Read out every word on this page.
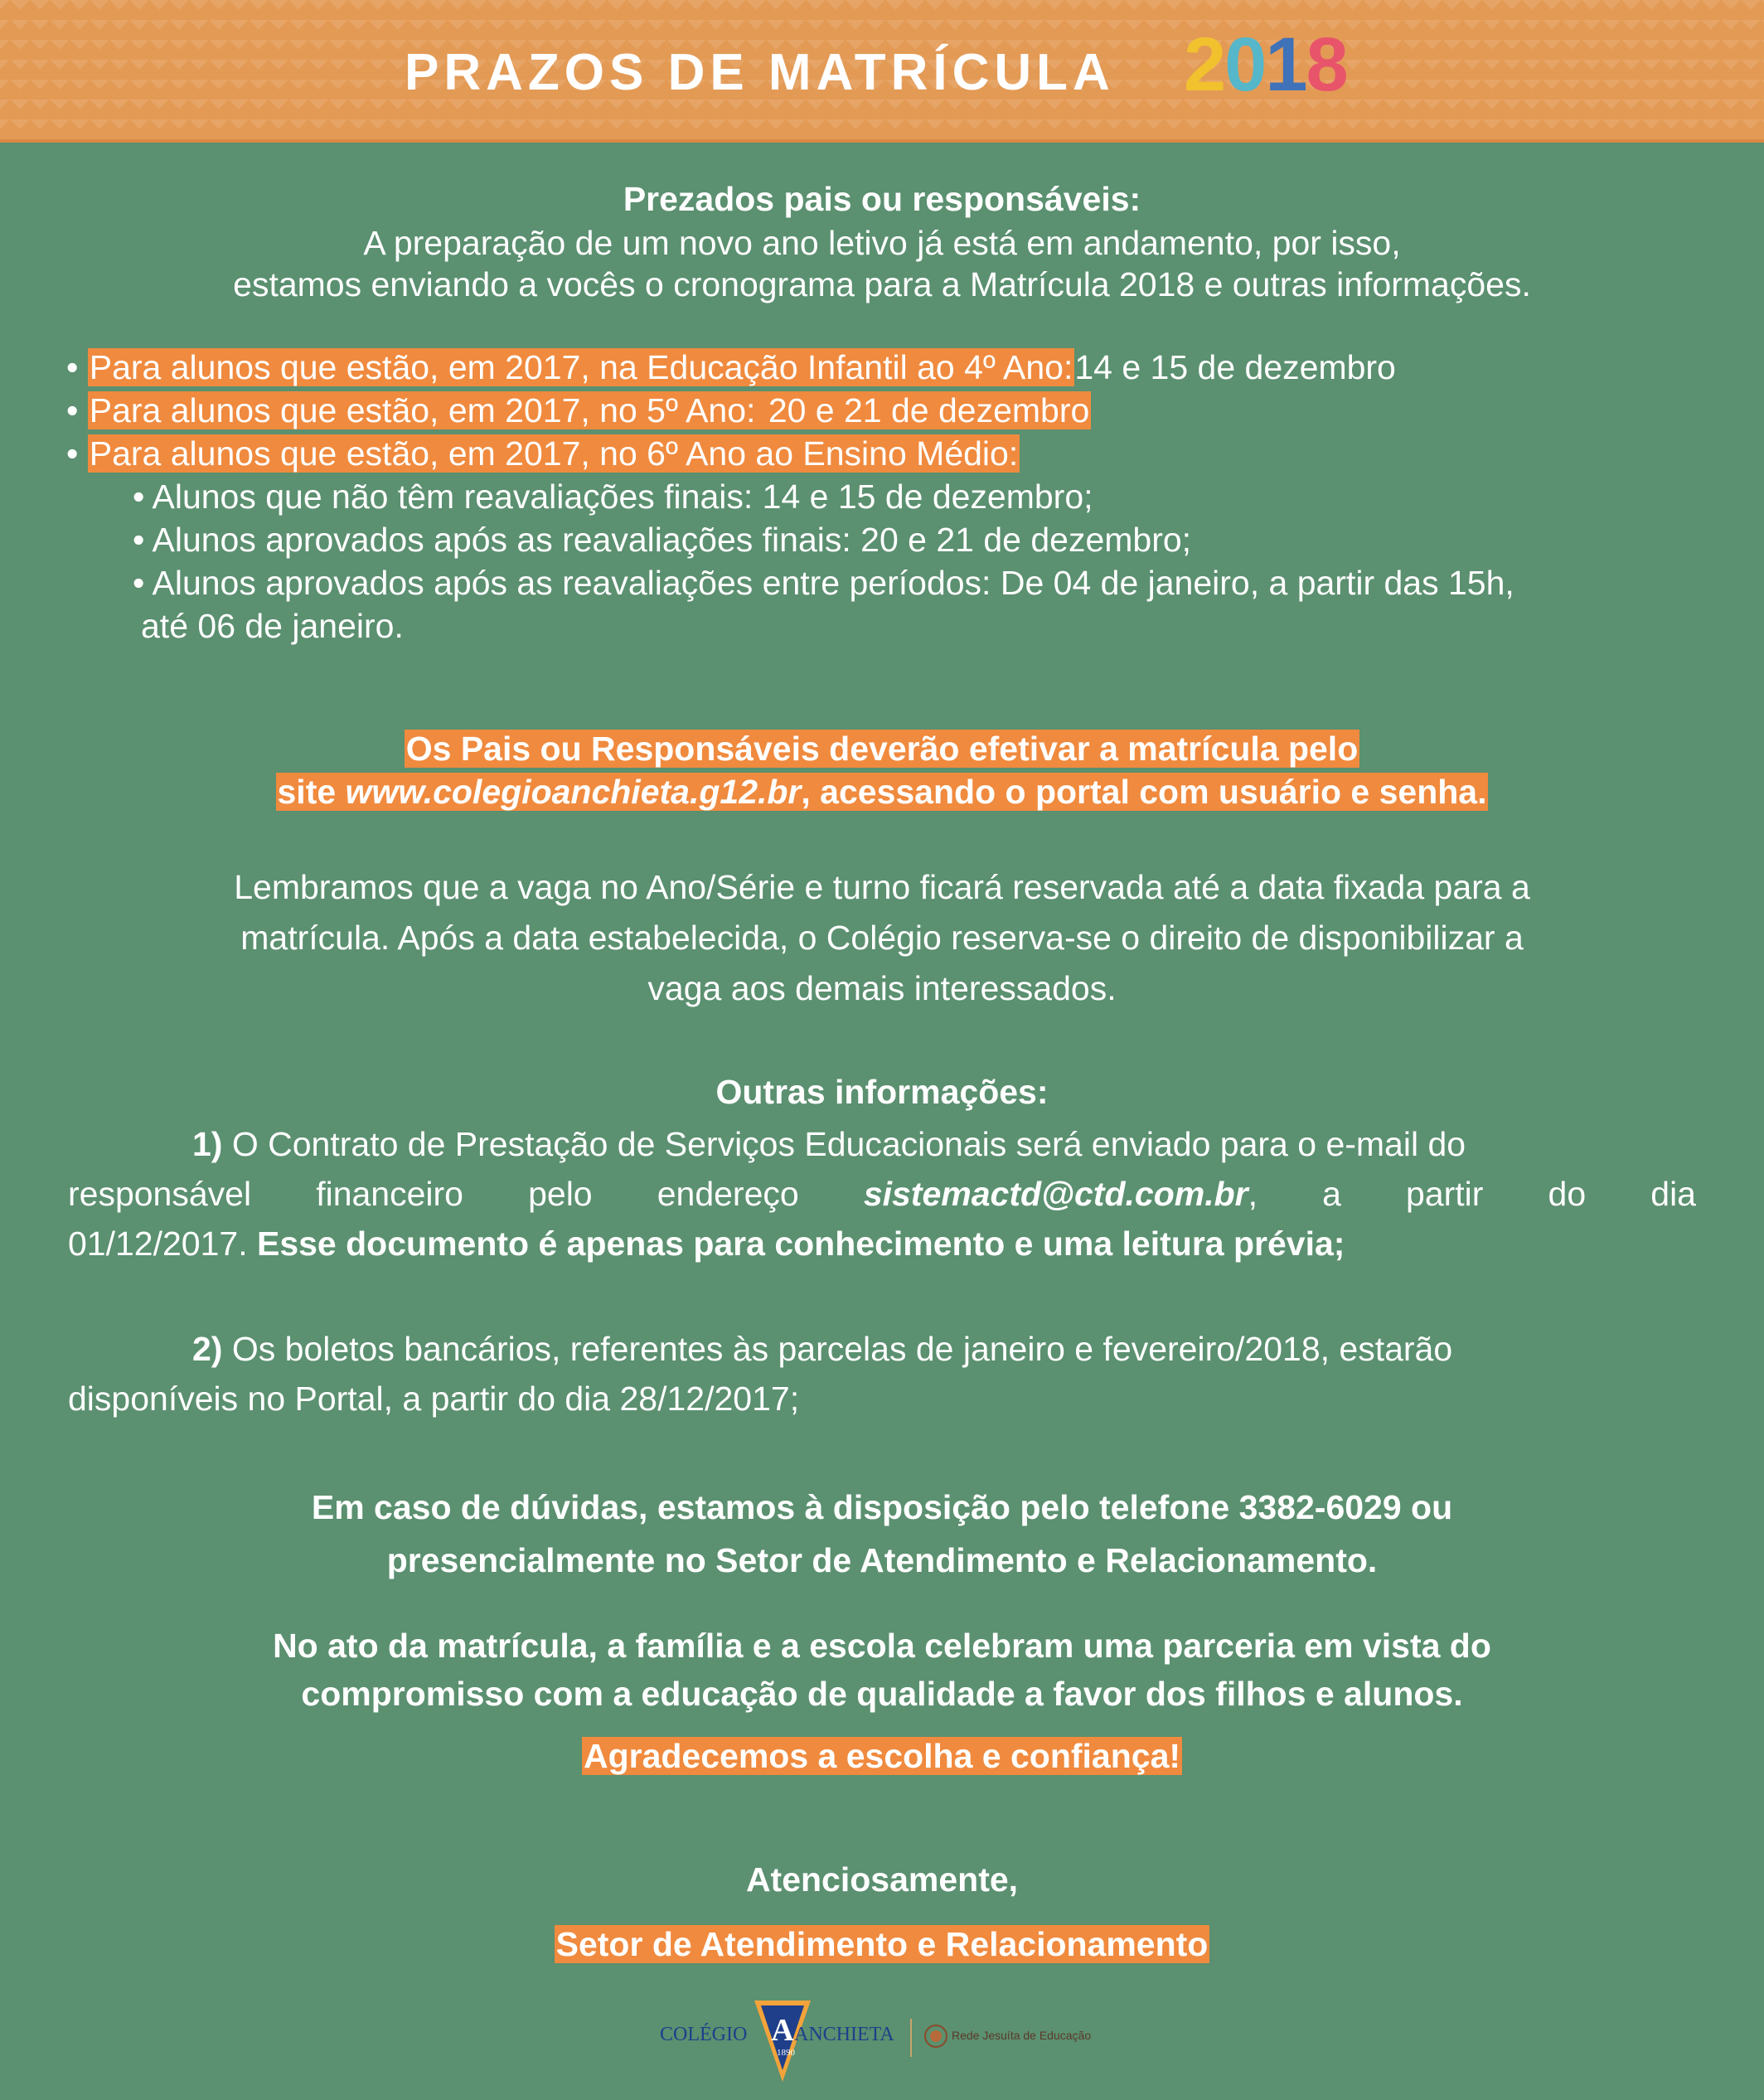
PRAZOS DE MATRÍCULA 2018
Prezados pais ou responsáveis:
A preparação de um novo ano letivo já está em andamento, por isso,
estamos enviando a vocês o cronograma para a Matrícula 2018 e outras informações.
• Para alunos que estão, em 2017, na Educação Infantil ao 4º Ano:14 e 15 de dezembro
• Para alunos que estão, em 2017, no 5º Ano: 20 e 21 de dezembro
• Para alunos que estão, em 2017, no 6º Ano ao Ensino Médio:
• Alunos que não têm reavaliações finais: 14 e 15 de dezembro;
• Alunos aprovados após as reavaliações finais: 20 e 21 de dezembro;
• Alunos aprovados após as reavaliações entre períodos: De 04 de janeiro, a partir das 15h,
até 06 de janeiro.
Os Pais ou Responsáveis deverão efetivar a matrícula pelo
site www.colegioanchieta.g12.br, acessando o portal com usuário e senha.
Lembramos que a vaga no Ano/Série e turno ficará reservada até a data fixada para a
matrícula. Após a data estabelecida, o Colégio reserva-se o direito de disponibilizar a
vaga aos demais interessados.
Outras informações:
1) O Contrato de Prestação de Serviços Educacionais será enviado para o e-mail do
responsável financeiro pelo endereço sistemactd@ctd.com.br, a partir do dia
01/12/2017. Esse documento é apenas para conhecimento e uma leitura prévia;
2) Os boletos bancários, referentes às parcelas de janeiro e fevereiro/2018, estarão
disponíveis no Portal, a partir do dia 28/12/2017;
Em caso de dúvidas, estamos à disposição pelo telefone 3382-6029 ou
presencialmente no Setor de Atendimento e Relacionamento.
No ato da matrícula, a família e a escola celebram uma parceria em vista do
compromisso com a educação de qualidade a favor dos filhos e alunos.
Agradecemos a escolha e confiança!
Atenciosamente,
Setor de Atendimento e Relacionamento
COLÉGIO A
1890
ANCHIETA	Rede Jesuíta de Educação
